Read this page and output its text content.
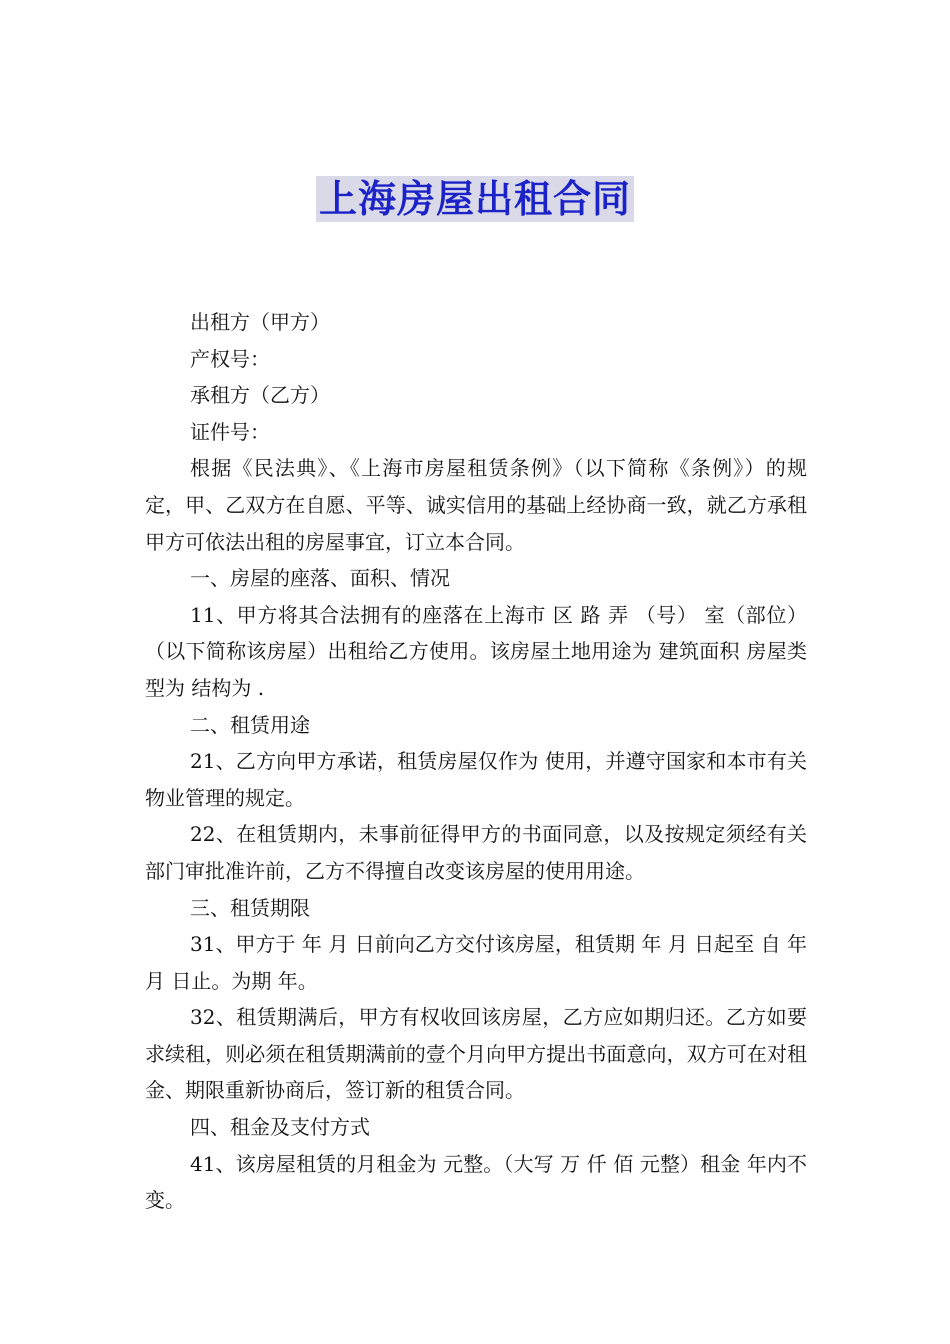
上海房屋出租合同

出租方（甲方）

产权号：

承租方（乙方）

证件号：

根据《民法典》、《上海市房屋租赁条例》（以下简称《条例》）的规定，甲、乙双方在自愿、平等、诚实信用的基础上经协商一致，就乙方承租甲方可依法出租的房屋事宜，订立本合同。

一、房屋的座落、面积、情况

11、甲方将其合法拥有的座落在上海市 区 路 弄 （号） 室（部位）（以下简称该房屋）出租给乙方使用。该房屋土地用途为 建筑面积 房屋类型为 结构为 .

二、租赁用途

21、乙方向甲方承诺，租赁房屋仅作为 使用，并遵守国家和本市有关物业管理的规定。

22、在租赁期内，未事前征得甲方的书面同意，以及按规定须经有关部门审批准许前，乙方不得擅自改变该房屋的使用用途。

三、租赁期限

31、甲方于 年 月 日前向乙方交付该房屋，租赁期 年 月 日起至 自 年 月 日止。为期 年。

32、租赁期满后，甲方有权收回该房屋，乙方应如期归还。乙方如要求续租，则必须在租赁期满前的壹个月向甲方提出书面意向，双方可在对租金、期限重新协商后，签订新的租赁合同。

四、租金及支付方式

41、该房屋租赁的月租金为 元整。（大写 万 仟 佰 元整）租金 年内不变。
